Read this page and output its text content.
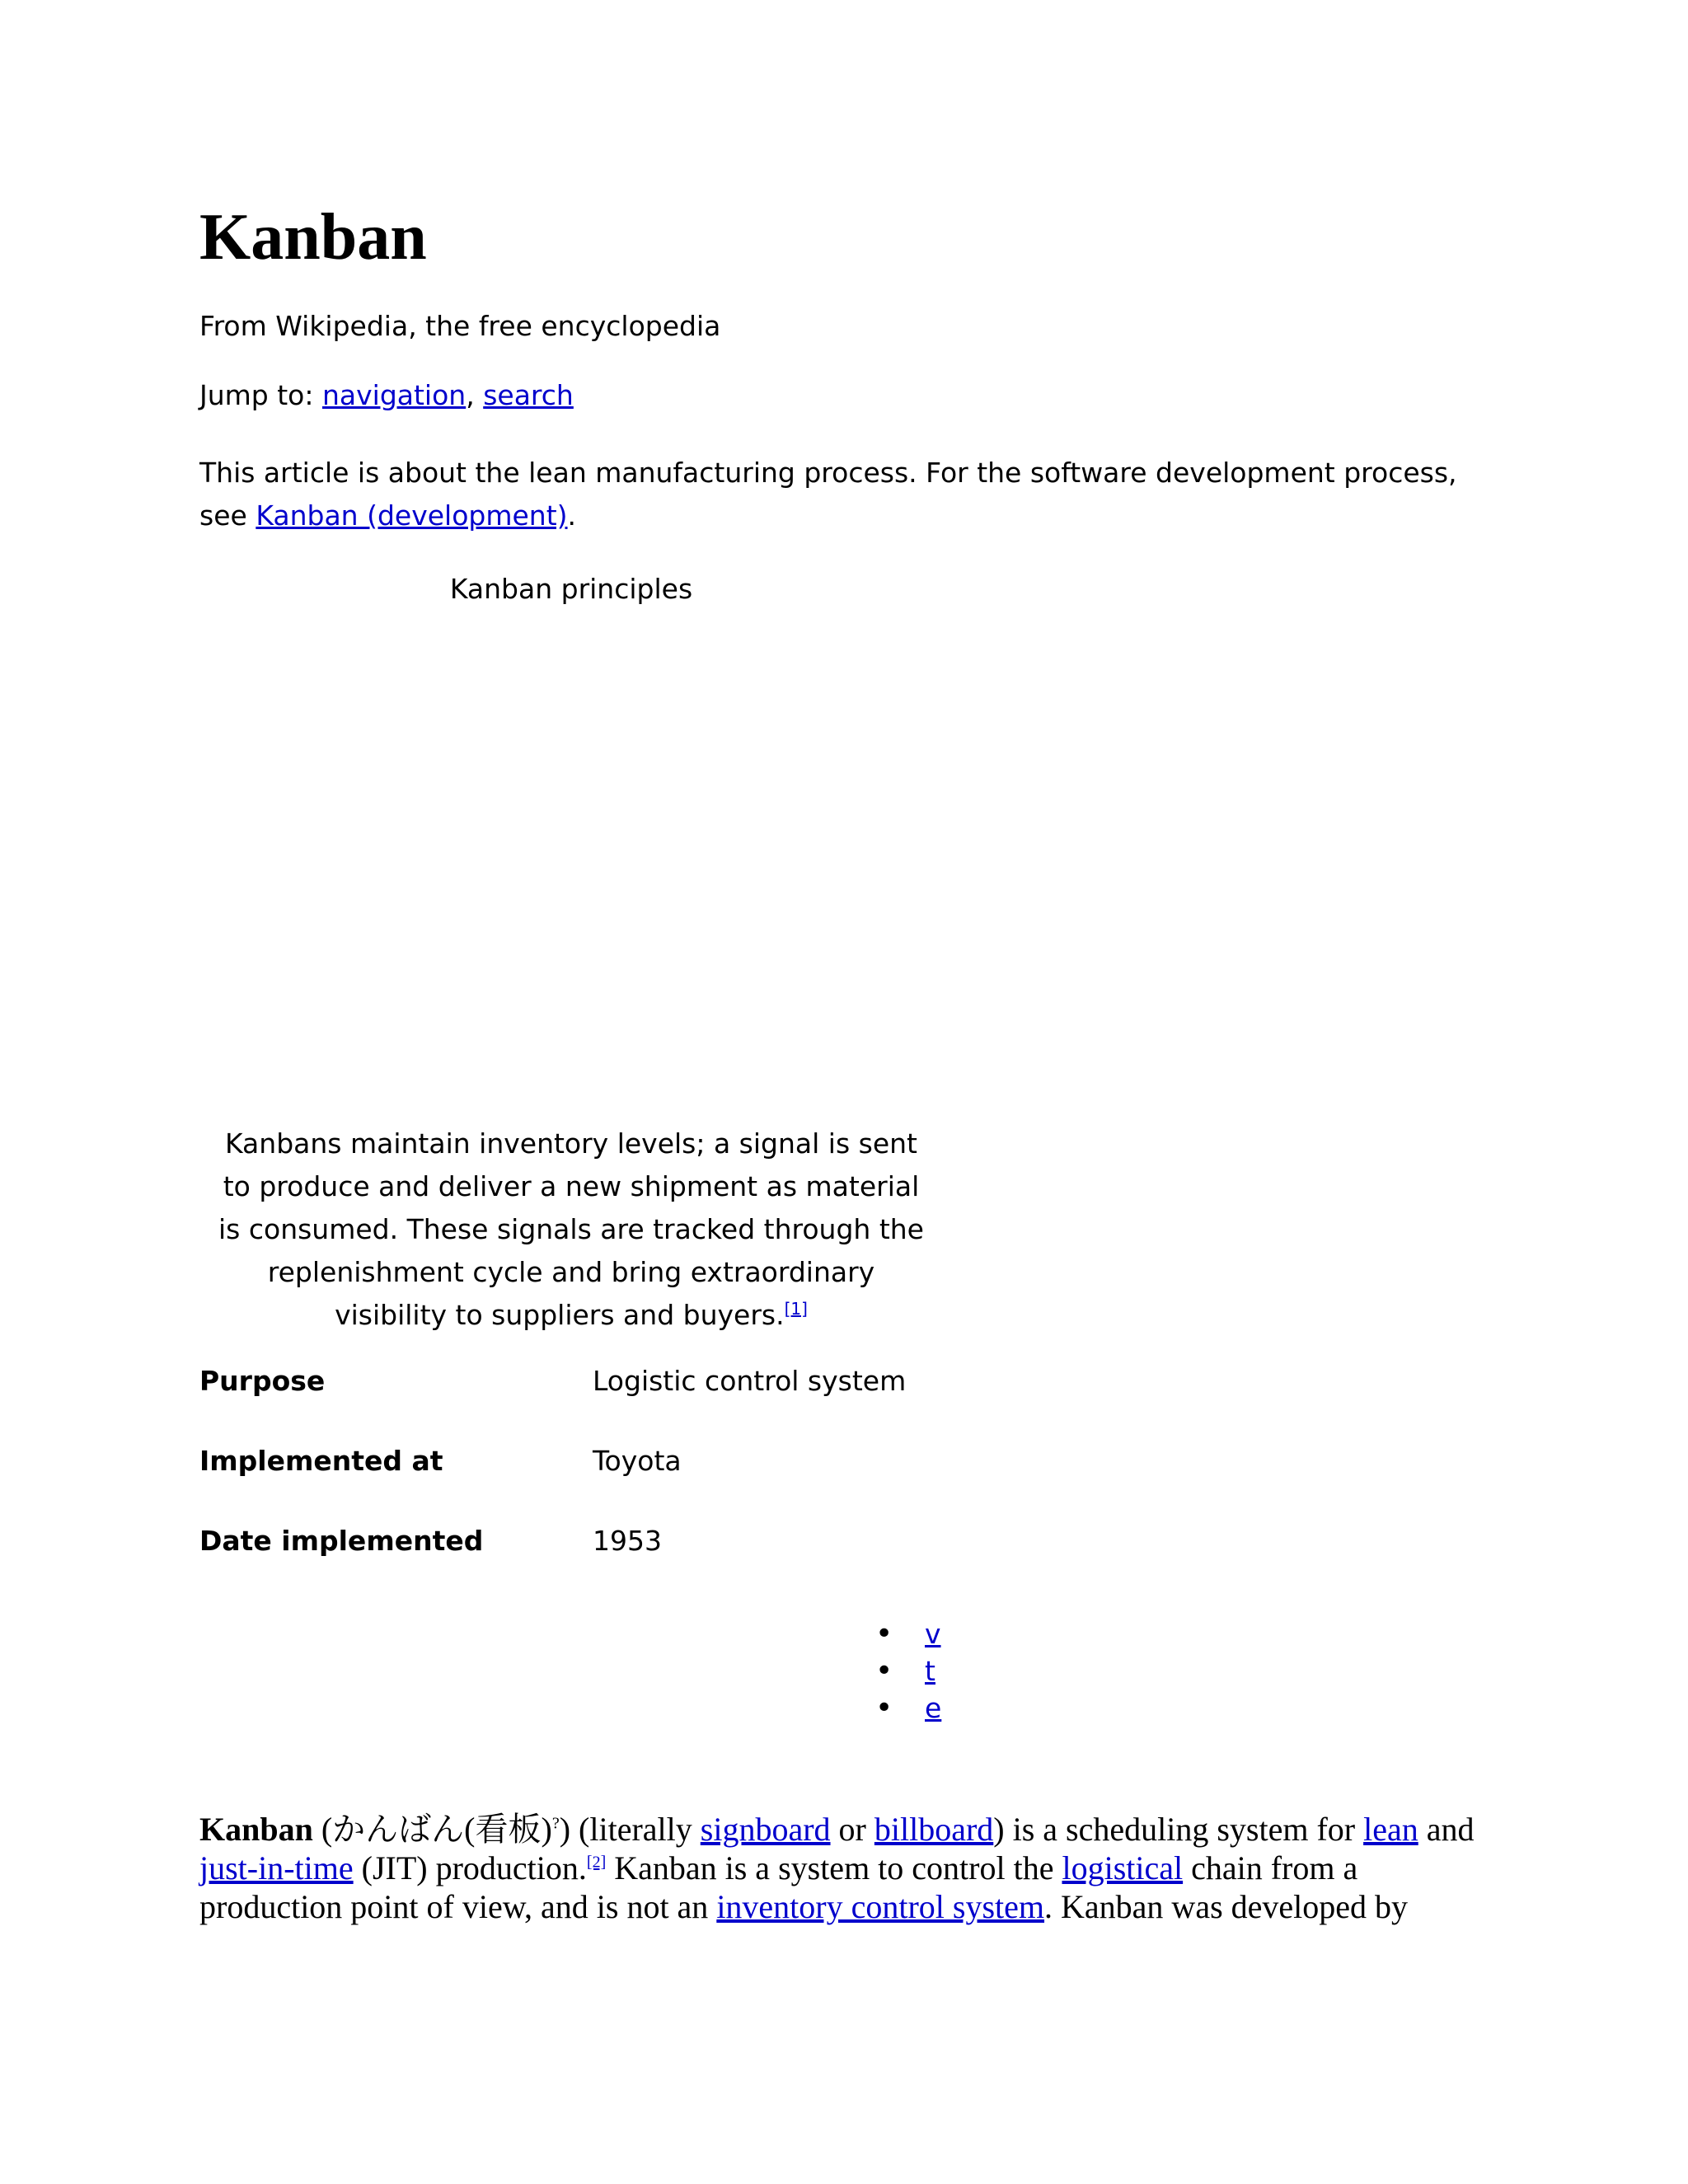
Kanban
From Wikipedia, the free encyclopedia
Jump to: navigation, search
This article is about the lean manufacturing process. For the software development process, see Kanban (development).
Kanban principles
Kanbans maintain inventory levels; a signal is sent to produce and deliver a new shipment as material is consumed. These signals are tracked through the replenishment cycle and bring extraordinary visibility to suppliers and buyers.[1]
Purpose	Logistic control system
Implemented at	Toyota
Date implemented	1953
• v
• t
• e

Kanban (かんばん(看板)?) (literally signboard or billboard) is a scheduling system for lean and just-in-time (JIT) production.[2] Kanban is a system to control the logistical chain from a production point of view, and is not an inventory control system. Kanban was developed by
